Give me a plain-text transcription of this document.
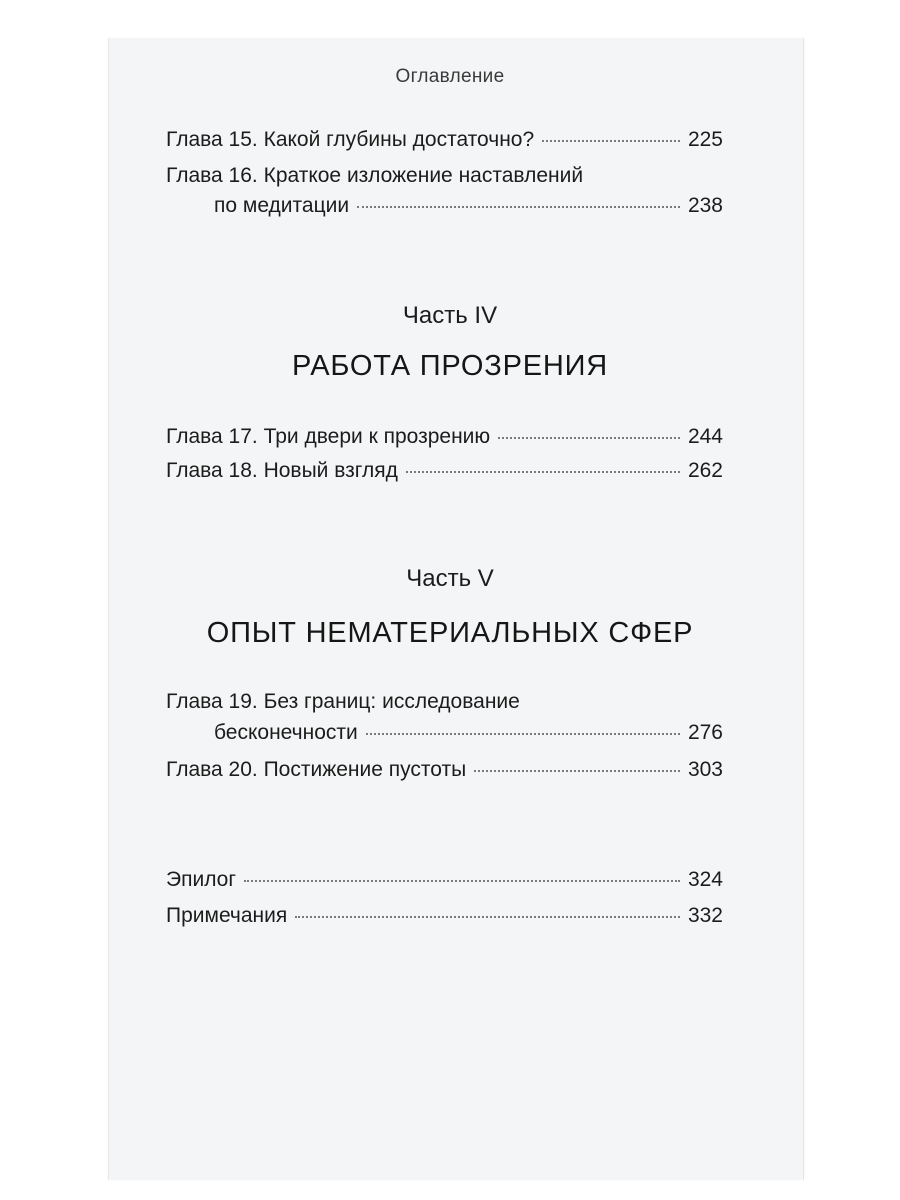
Оглавление
Глава 15. Какой глубины достаточно?	225
Глава 16. Краткое изложение наставлений
по медитации	238
Часть IV
РАБОТА ПРОЗРЕНИЯ
Глава 17. Три двери к прозрению	244
Глава 18. Новый взгляд	262
Часть V
ОПЫТ НЕМАТЕРИАЛЬНЫХ СФЕР
Глава 19. Без границ: исследование
бесконечности	276
Глава 20. Постижение пустоты	303
Эпилог	324
Примечания	332
